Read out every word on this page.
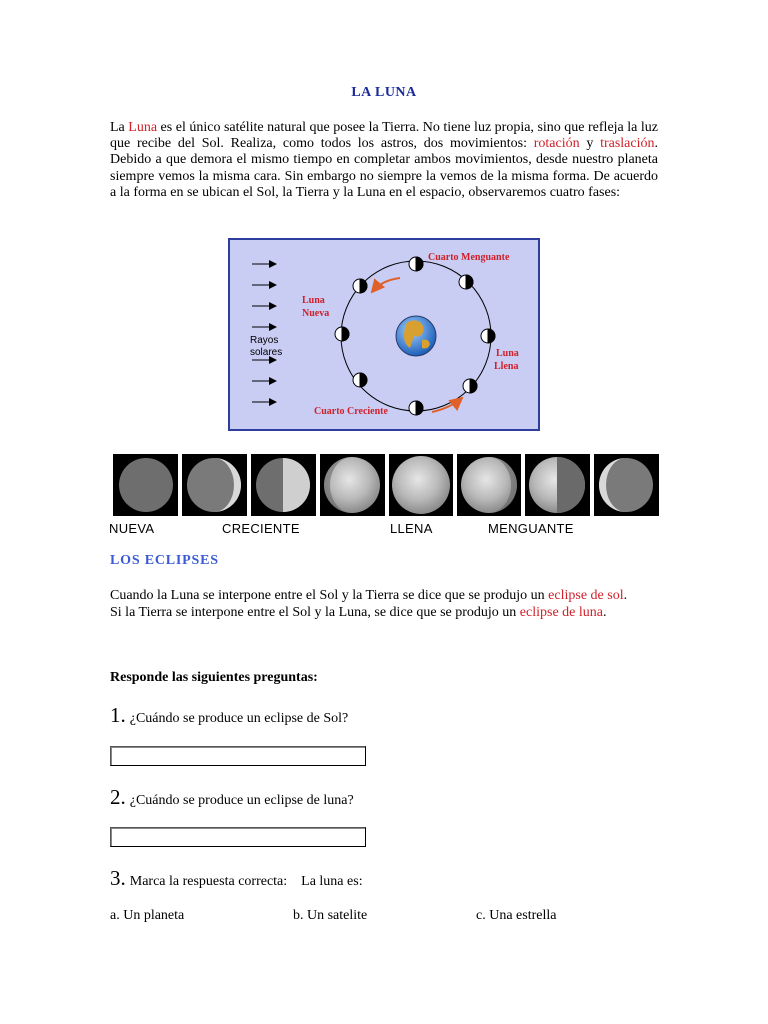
LA LUNA
La Luna es el único satélite natural que posee la Tierra. No tiene luz propia, sino que refleja la luz que recibe del Sol. Realiza, como todos los astros, dos movimientos: rotación y traslación. Debido a que demora el mismo tiempo en completar ambos movimientos, desde nuestro planeta siempre vemos la misma cara. Sin embargo no siempre la vemos de la misma forma. De acuerdo a la forma en se ubican el Sol, la Tierra y la Luna en el espacio, observaremos cuatro fases:
Rayos
solares
Cuarto Menguante
Luna
Nueva
Luna
Llena
Cuarto Creciente
NUEVA	CRECIENTE	LLENA	MENGUANTE
LOS ECLIPSES

Cuando la Luna se interpone entre el Sol y la Tierra se dice que se produjo un eclipse de sol.

Si la Tierra se interpone entre el Sol y la Luna, se dice que se produjo un eclipse de luna.

Responde las siguientes preguntas:
1. ¿Cuándo se produce un eclipse de Sol?
2. ¿Cuándo se produce un eclipse de luna?
3. Marca la respuesta correcta: La luna es:
a. Un planeta	b. Un satelite	c. Una estrella
